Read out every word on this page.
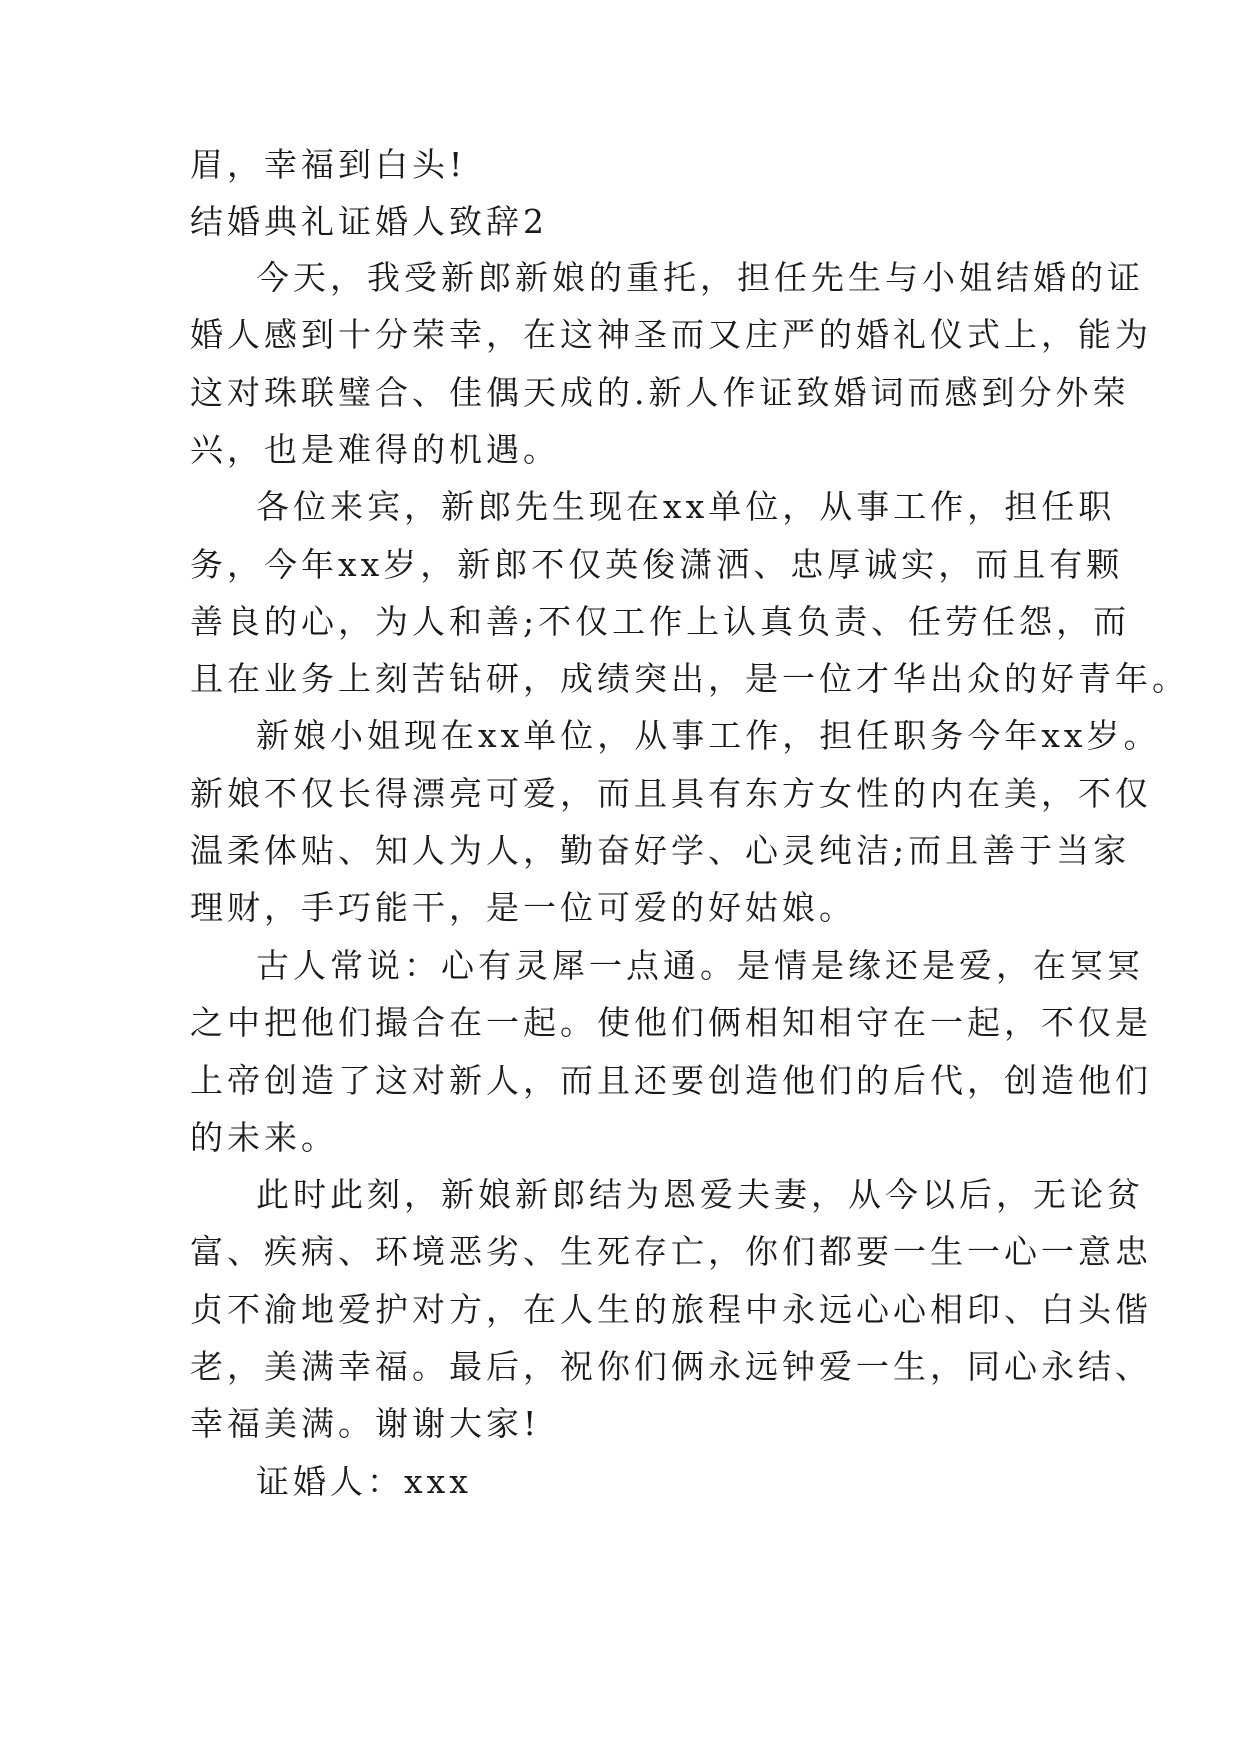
眉，幸福到白头!
结婚典礼证婚人致辞2
今天，我受新郎新娘的重托，担任先生与小姐结婚的证
婚人感到十分荣幸，在这神圣而又庄严的婚礼仪式上，能为
这对珠联璧合、佳偶天成的.新人作证致婚词而感到分外荣
兴，也是难得的机遇。
各位来宾，新郎先生现在xx单位，从事工作，担任职
务，今年xx岁，新郎不仅英俊潇洒、忠厚诚实，而且有颗
善良的心，为人和善;不仅工作上认真负责、任劳任怨，而
且在业务上刻苦钻研，成绩突出，是一位才华出众的好青年。
新娘小姐现在xx单位，从事工作，担任职务今年xx岁。
新娘不仅长得漂亮可爱，而且具有东方女性的内在美，不仅
温柔体贴、知人为人，勤奋好学、心灵纯洁;而且善于当家
理财，手巧能干，是一位可爱的好姑娘。
古人常说：心有灵犀一点通。是情是缘还是爱，在冥冥
之中把他们撮合在一起。使他们俩相知相守在一起，不仅是
上帝创造了这对新人，而且还要创造他们的后代，创造他们
的未来。
此时此刻，新娘新郎结为恩爱夫妻，从今以后，无论贫
富、疾病、环境恶劣、生死存亡，你们都要一生一心一意忠
贞不渝地爱护对方，在人生的旅程中永远心心相印、白头偕
老，美满幸福。最后，祝你们俩永远钟爱一生，同心永结、
幸福美满。谢谢大家!
证婚人：xxx
